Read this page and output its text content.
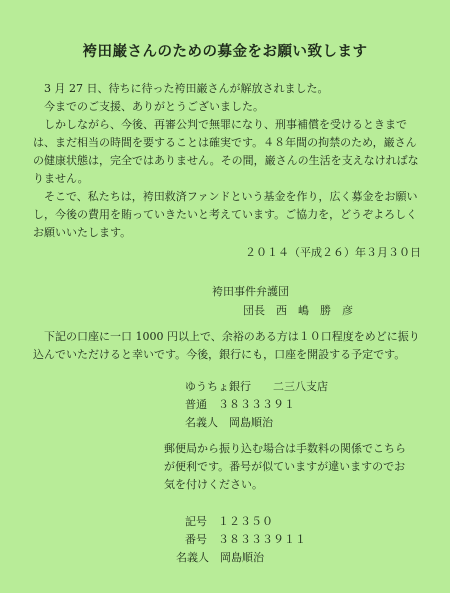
袴田巌さんのための募金をお願い致します
　3 月 27 日、待ちに待った袴田巌さんが解放されました。
　今までのご支援、ありがとうございました。
　しかしながら、今後、再審公判で無罪になり、刑事補償を受けるときまでは、まだ相当の時間を要することは確実です。４８年間の拘禁のため，巌さんの健康状態は，完全ではありません。その間，巌さんの生活を支えなければなりません。
　そこで、私たちは，袴田救済ファンドという基金を作り，広く募金をお願いし，今後の費用を賄っていきたいと考えています。ご協力を，どうぞよろしくお願いいたします。
２０１４（平成２６）年３月３０日
袴田事件弁護団
団長　西　嶋　勝　彦
　下記の口座に一口 1000 円以上で、余裕のある方は１０口程度をめどに振り込んでいただけると幸いです。今後，銀行にも，口座を開設する予定です。
ゆうちょ銀行　　二三八支店
普通　３８３３３９１
名義人　岡島順治
郵便局から振り込む場合は手数料の関係でこちらが便利です。番号が似ていますが違いますのでお気を付けください。
記号　１２３５０
番号　３８３３３９１１
名義人　岡島順治
